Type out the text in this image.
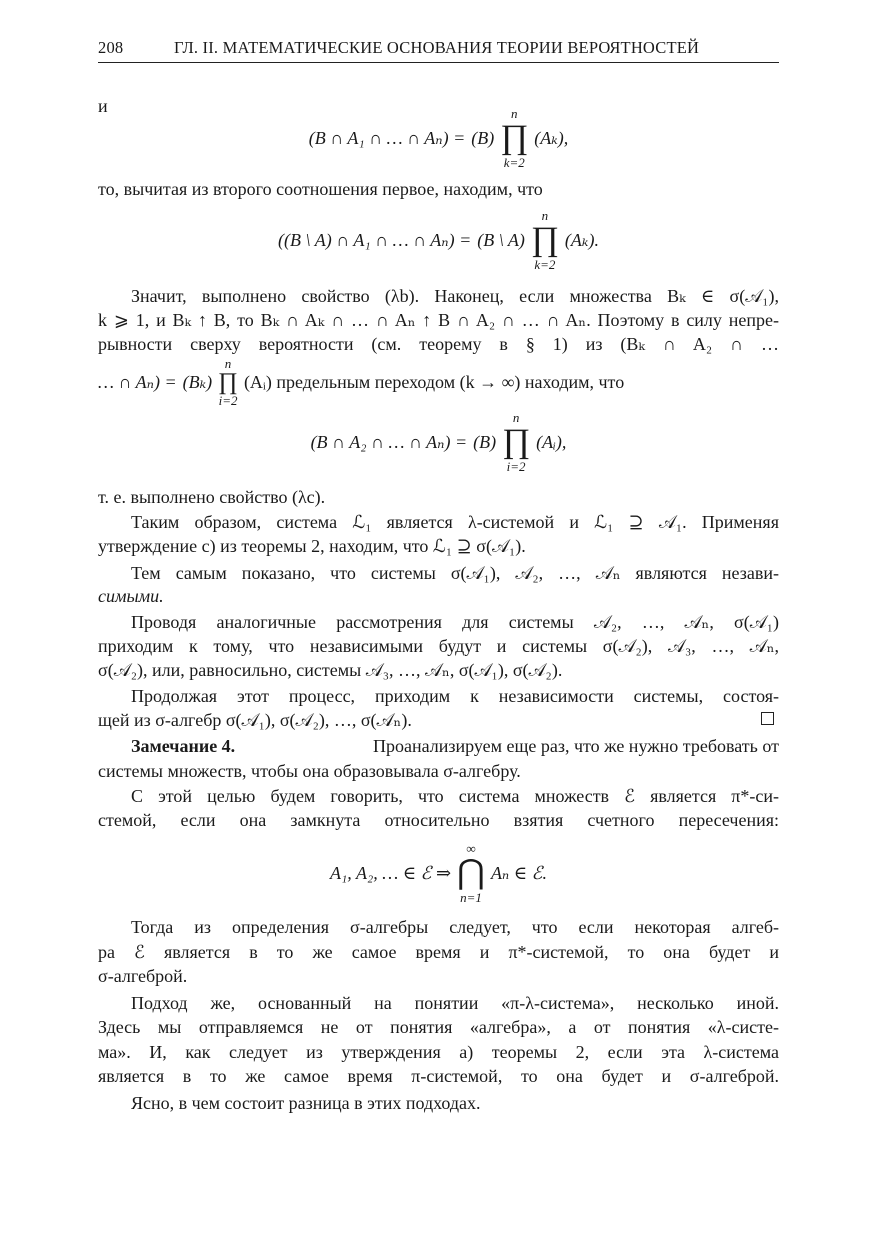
208	ГЛ. II. МАТЕМАТИЧЕСКИЕ ОСНОВАНИЯ ТЕОРИИ ВЕРОЯТНОСТЕЙ
и
(B ∩ A₁ ∩ … ∩ Aₙ) = (B)
n
∏
k=2
(Aₖ),
то, вычитая из второго соотношения первое, находим, что
((B \ A) ∩ A₁ ∩ … ∩ Aₙ) = (B \ A)
n
∏
k=2
(Aₖ).
Значит, выполнено свойство (λb). Наконец, если множества Bₖ ∈ σ(𝒜₁),
k ⩾ 1, и Bₖ ↑ B, то Bₖ ∩ Aₖ ∩ … ∩ Aₙ ↑ B ∩ A₂ ∩ … ∩ Aₙ. Поэтому в силу непре-
рывности сверху вероятности (см. теорему в § 1) из (Bₖ ∩ A₂ ∩ …
… ∩ Aₙ) = (Bₖ)
n
∏
i=2
(Aᵢ) предельным переходом (k → ∞) находим, что
(B ∩ A₂ ∩ … ∩ Aₙ) = (B)
n
∏
i=2
(Aᵢ),
т. е. выполнено свойство (λc).
Таким образом, система ℒ₁ является λ-системой и ℒ₁ ⊇ 𝒜₁. Применяя
утверждение c) из теоремы 2, находим, что ℒ₁ ⊇ σ(𝒜₁).
Тем самым показано, что системы σ(𝒜₁), 𝒜₂, …, 𝒜ₙ являются незави-
симыми.
Проводя аналогичные рассмотрения для системы 𝒜₂, …, 𝒜ₙ, σ(𝒜₁)
приходим к тому, что независимыми будут и системы σ(𝒜₂), 𝒜₃, …, 𝒜ₙ,
σ(𝒜₂), или, равносильно, системы 𝒜₃, …, 𝒜ₙ, σ(𝒜₁), σ(𝒜₂).
Продолжая этот процесс, приходим к независимости системы, состоя-
щей из σ-алгебр σ(𝒜₁), σ(𝒜₂), …, σ(𝒜ₙ).
Замечание 4.	Проанализируем еще раз, что же нужно требовать от
системы множеств, чтобы она образовывала σ-алгебру.
С этой целью будем говорить, что система множеств ℰ является π*-си-
стемой, если она замкнута относительно взятия счетного пересечения:
A₁, A₂, … ∈ ℰ ⇒
∞
⋂
n=1
Aₙ ∈ ℰ.
Тогда из определения σ-алгебры следует, что если некоторая алгеб-
ра ℰ является в то же самое время и π*-системой, то она будет и
σ-алгеброй.
Подход же, основанный на понятии «π-λ-система», несколько иной.
Здесь мы отправляемся не от понятия «алгебра», а от понятия «λ-систе-
ма». И, как следует из утверждения a) теоремы 2, если эта λ-система
является в то же самое время π-системой, то она будет и σ-алгеброй.
Ясно, в чем состоит разница в этих подходах.
